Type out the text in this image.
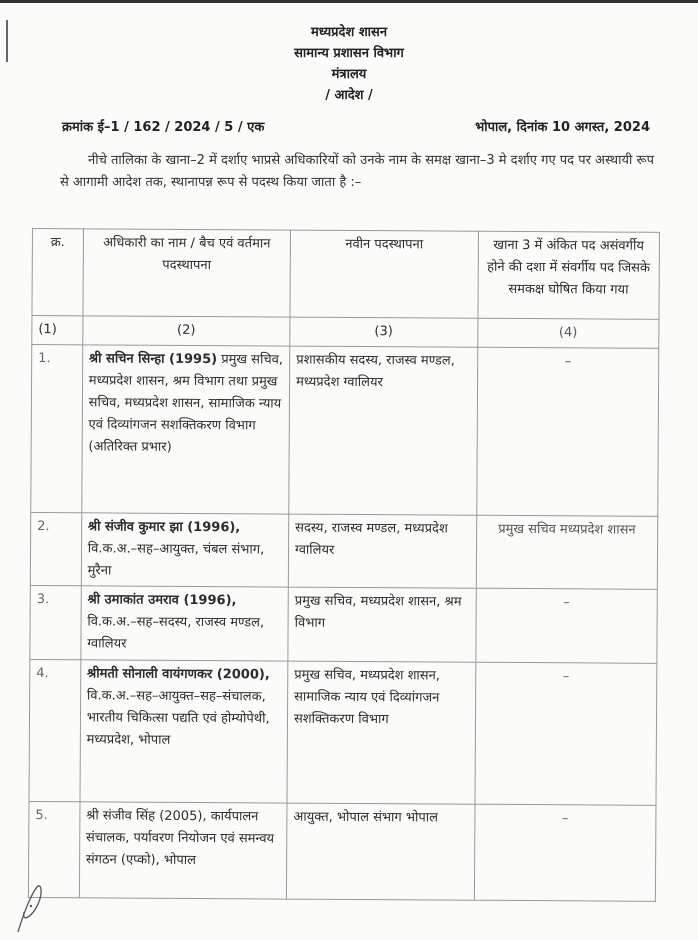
मध्यप्रदेश शासन
सामान्य प्रशासन विभाग
मंत्रालय
/ आदेश /
क्रमांक ई–1 / 162 / 2024 / 5 / एक	भोपाल, दिनांक 10 अगस्त, 2024
नीचे तालिका के खाना–2 में दर्शाए भाप्रसे अधिकारियों को उनके नाम के समक्ष खाना–3 मे दर्शाए गए पद पर अस्थायी रूप से आगामी आदेश तक, स्थानापन्न रूप से पदस्थ किया जाता है :–
क्र.	अधिकारी का नाम / बैच एवं वर्तमान पदस्थापना	नवीन पदस्थापना	खाना 3 में अंकित पद असंवर्गीय होने की दशा में संवर्गीय पद जिसके समकक्ष घोषित किया गया
(1)	(2)	(3)	(4)
1.	श्री सचिन सिन्हा (1995) प्रमुख सचिव, मध्यप्रदेश शासन, श्रम विभाग तथा प्रमुख सचिव, मध्यप्रदेश शासन, सामाजिक न्याय एवं दिव्यांगजन सशक्तिकरण विभाग (अतिरिक्त प्रभार)	प्रशासकीय सदस्य, राजस्व मण्डल, मध्यप्रदेश ग्वालियर	–
2.	श्री संजीव कुमार झा (1996), वि.क.अ.–सह–आयुक्त, चंबल संभाग, मुरैना	सदस्य, राजस्व मण्डल, मध्यप्रदेश ग्वालियर	प्रमुख सचिव मध्यप्रदेश शासन
3.	श्री उमाकांत उमराव (1996), वि.क.अ.–सह–सदस्य, राजस्व मण्डल, ग्वालियर	प्रमुख सचिव, मध्यप्रदेश शासन, श्रम विभाग	–
4.	श्रीमती सोनाली वायंगणकर (2000), वि.क.अ.–सह–आयुक्त–सह–संचालक, भारतीय चिकित्सा पद्यति एवं होम्योपेथी, मध्यप्रदेश, भोपाल	प्रमुख सचिव, मध्यप्रदेश शासन, सामाजिक न्याय एवं दिव्यांगजन सशक्तिकरण विभाग	–
5.	श्री संजीव सिंह (2005), कार्यपालन संचालक, पर्यावरण नियोजन एवं समन्वय संगठन (एप्को), भोपाल	आयुक्त, भोपाल संभाग भोपाल	–
